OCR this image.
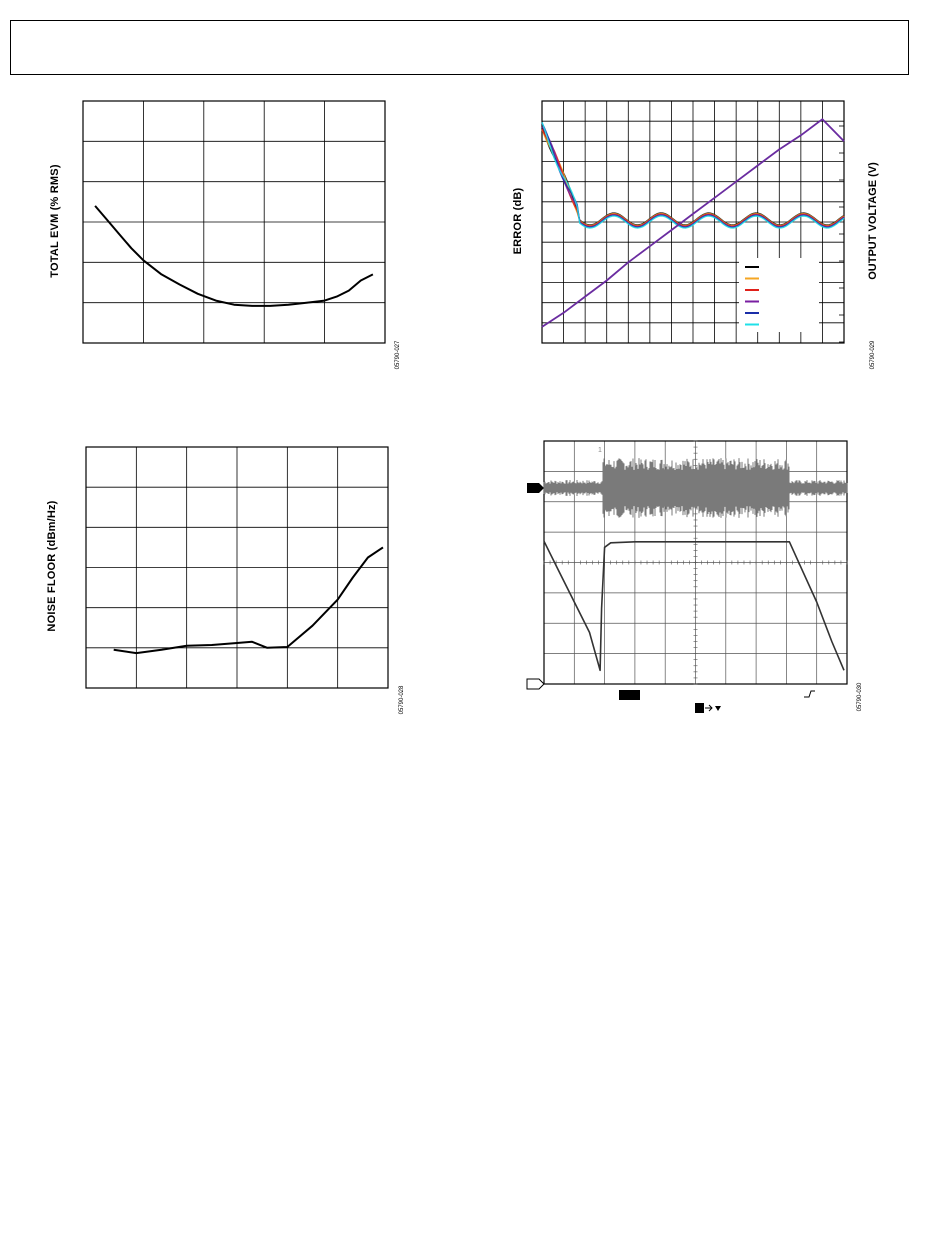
TOTAL EVM (% RMS)
05790-027
ERROR (dB)	OUTPUT VOLTAGE (V)
05790-029
NOISE FLOOR (dBm/Hz)
05790-028	05790-030
1
